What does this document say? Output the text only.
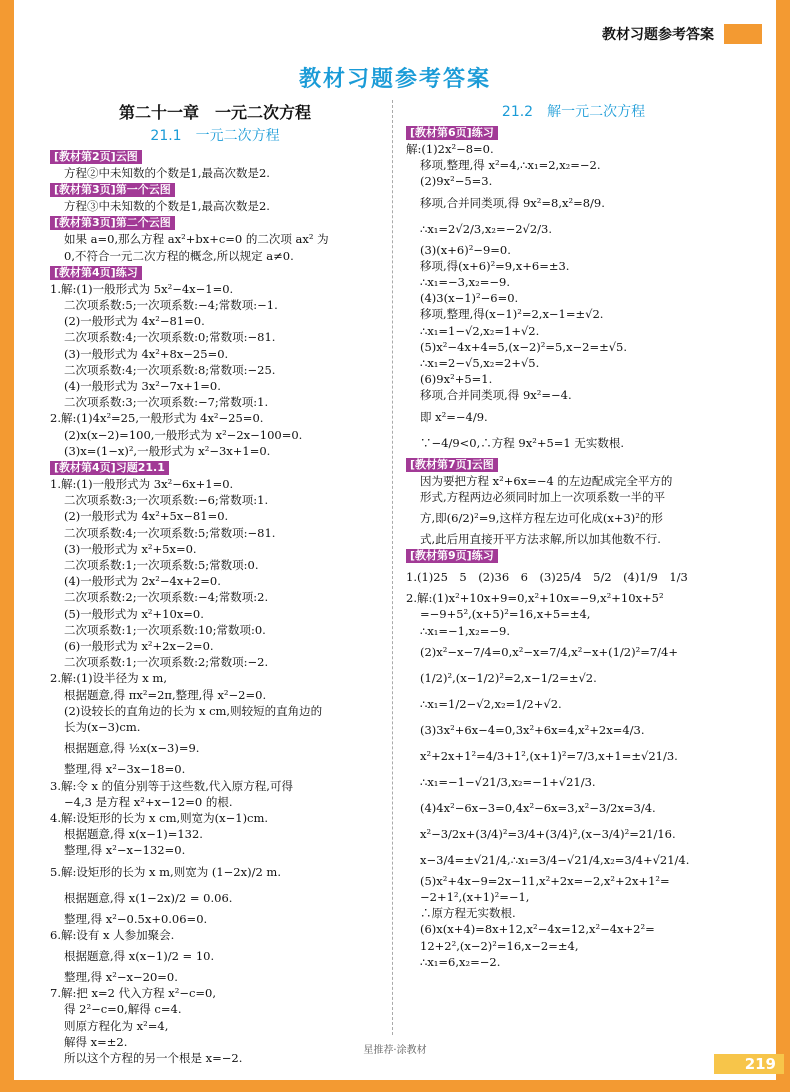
教材习题参考答案
教材习题参考答案
第二十一章　一元二次方程
21.1　一元二次方程
[教材第2页]云图
方程②中未知数的个数是1,最高次数是2.
[教材第3页]第一个云图
方程③中未知数的个数是1,最高次数是2.
[教材第3页]第二个云图
如果 a=0,那么方程 ax²+bx+c=0 的二次项 ax² 为
0,不符合一元二次方程的概念,所以规定 a≠0.
[教材第4页]练习
1.解:(1)一般形式为 5x²−4x−1=0.
二次项系数:5;一次项系数:−4;常数项:−1.
(2)一般形式为 4x²−81=0.
二次项系数:4;一次项系数:0;常数项:−81.
(3)一般形式为 4x²+8x−25=0.
二次项系数:4;一次项系数:8;常数项:−25.
(4)一般形式为 3x²−7x+1=0.
二次项系数:3;一次项系数:−7;常数项:1.
2.解:(1)4x²=25,一般形式为 4x²−25=0.
(2)x(x−2)=100,一般形式为 x²−2x−100=0.
(3)x=(1−x)²,一般形式为 x²−3x+1=0.
[教材第4页]习题21.1
1.解:(1)一般形式为 3x²−6x+1=0.
二次项系数:3;一次项系数:−6;常数项:1.
(2)一般形式为 4x²+5x−81=0.
二次项系数:4;一次项系数:5;常数项:−81.
(3)一般形式为 x²+5x=0.
二次项系数:1;一次项系数:5;常数项:0.
(4)一般形式为 2x²−4x+2=0.
二次项系数:2;一次项系数:−4;常数项:2.
(5)一般形式为 x²+10x=0.
二次项系数:1;一次项系数:10;常数项:0.
(6)一般形式为 x²+2x−2=0.
二次项系数:1;一次项系数:2;常数项:−2.
2.解:(1)设半径为 x m,
根据题意,得 πx²=2π,整理,得 x²−2=0.
(2)设较长的直角边的长为 x cm,则较短的直角边的
长为(x−3)cm.
根据题意,得 ½x(x−3)=9.
整理,得 x²−3x−18=0.
3.解:令 x 的值分别等于这些数,代入原方程,可得
−4,3 是方程 x²+x−12=0 的根.
4.解:设矩形的长为 x cm,则宽为(x−1)cm.
根据题意,得 x(x−1)=132.
整理,得 x²−x−132=0.
5.解:设矩形的长为 x m,则宽为 (1−2x)/2 m.
根据题意,得 x(1−2x)/2 = 0.06.
整理,得 x²−0.5x+0.06=0.
6.解:设有 x 人参加聚会.
根据题意,得 x(x−1)/2 = 10.
整理,得 x²−x−20=0.
7.解:把 x=2 代入方程 x²−c=0,
得 2²−c=0,解得 c=4.
则原方程化为 x²=4,
解得 x=±2.
所以这个方程的另一个根是 x=−2.
21.2　解一元二次方程
[教材第6页]练习
解:(1)2x²−8=0.
移项,整理,得 x²=4,∴x₁=2,x₂=−2.
(2)9x²−5=3.
移项,合并同类项,得 9x²=8,x²=8/9.
∴x₁=2√2/3,x₂=−2√2/3.
(3)(x+6)²−9=0.
移项,得(x+6)²=9,x+6=±3.
∴x₁=−3,x₂=−9.
(4)3(x−1)²−6=0.
移项,整理,得(x−1)²=2,x−1=±√2.
∴x₁=1−√2,x₂=1+√2.
(5)x²−4x+4=5,(x−2)²=5,x−2=±√5.
∴x₁=2−√5,x₂=2+√5.
(6)9x²+5=1.
移项,合并同类项,得 9x²=−4.
即 x²=−4/9.
∵−4/9<0,∴方程 9x²+5=1 无实数根.
[教材第7页]云图
因为要把方程 x²+6x=−4 的左边配成完全平方的
形式,方程两边必须同时加上一次项系数一半的平
方,即(6/2)²=9,这样方程左边可化成(x+3)²的形
式,此后用直接开平方法求解,所以加其他数不行.
[教材第9页]练习
1.(1)25　5　(2)36　6　(3)25/4　5/2　(4)1/9　1/3
2.解:(1)x²+10x+9=0,x²+10x=−9,x²+10x+5²
=−9+5²,(x+5)²=16,x+5=±4,
∴x₁=−1,x₂=−9.
(2)x²−x−7/4=0,x²−x=7/4,x²−x+(1/2)²=7/4+
(1/2)²,(x−1/2)²=2,x−1/2=±√2.
∴x₁=1/2−√2,x₂=1/2+√2.
(3)3x²+6x−4=0,3x²+6x=4,x²+2x=4/3.
x²+2x+1²=4/3+1²,(x+1)²=7/3,x+1=±√21/3.
∴x₁=−1−√21/3,x₂=−1+√21/3.
(4)4x²−6x−3=0,4x²−6x=3,x²−3/2x=3/4.
x²−3/2x+(3/4)²=3/4+(3/4)²,(x−3/4)²=21/16.
x−3/4=±√21/4,∴x₁=3/4−√21/4,x₂=3/4+√21/4.
(5)x²+4x−9=2x−11,x²+2x=−2,x²+2x+1²=
−2+1²,(x+1)²=−1,
∴原方程无实数根.
(6)x(x+4)=8x+12,x²−4x=12,x²−4x+2²=
12+2²,(x−2)²=16,x−2=±4,
∴x₁=6,x₂=−2.
星推荐·涂教材
219
